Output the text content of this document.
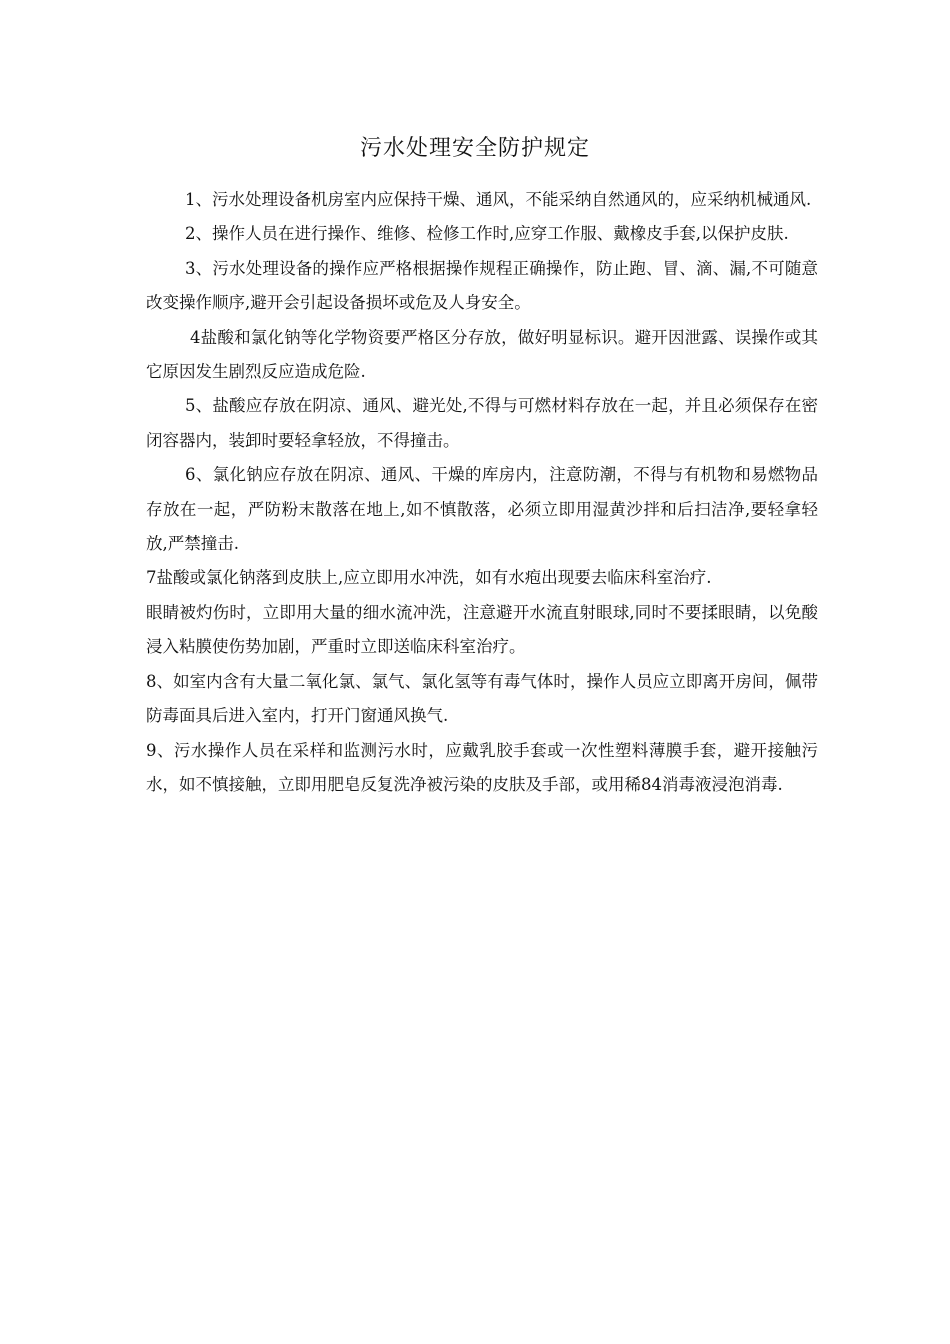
污水处理安全防护规定

1、污水处理设备机房室内应保持干燥、通风，不能采纳自然通风的，应采纳机械通风.

2、操作人员在进行操作、维修、检修工作时,应穿工作服、戴橡皮手套,以保护皮肤.

3、污水处理设备的操作应严格根据操作规程正确操作，防止跑、冒、滴、漏,不可随意改变操作顺序,避开会引起设备损坏或危及人身安全。

4盐酸和氯化钠等化学物资要严格区分存放，做好明显标识。避开因泄露、误操作或其它原因发生剧烈反应造成危险.

5、盐酸应存放在阴凉、通风、避光处,不得与可燃材料存放在一起，并且必须保存在密闭容器内，装卸时要轻拿轻放，不得撞击。

6、氯化钠应存放在阴凉、通风、干燥的库房内，注意防潮，不得与有机物和易燃物品存放在一起，严防粉末散落在地上,如不慎散落，必须立即用湿黄沙拌和后扫洁净,要轻拿轻放,严禁撞击.

7盐酸或氯化钠落到皮肤上,应立即用水冲洗，如有水疱出现要去临床科室治疗.

眼睛被灼伤时，立即用大量的细水流冲洗，注意避开水流直射眼球,同时不要揉眼睛，以免酸浸入粘膜使伤势加剧，严重时立即送临床科室治疗。

8、如室内含有大量二氧化氯、氯气、氯化氢等有毒气体时，操作人员应立即离开房间，佩带防毒面具后进入室内，打开门窗通风换气.

9、污水操作人员在采样和监测污水时，应戴乳胶手套或一次性塑料薄膜手套，避开接触污水，如不慎接触，立即用肥皂反复洗净被污染的皮肤及手部，或用稀84消毒液浸泡消毒.
